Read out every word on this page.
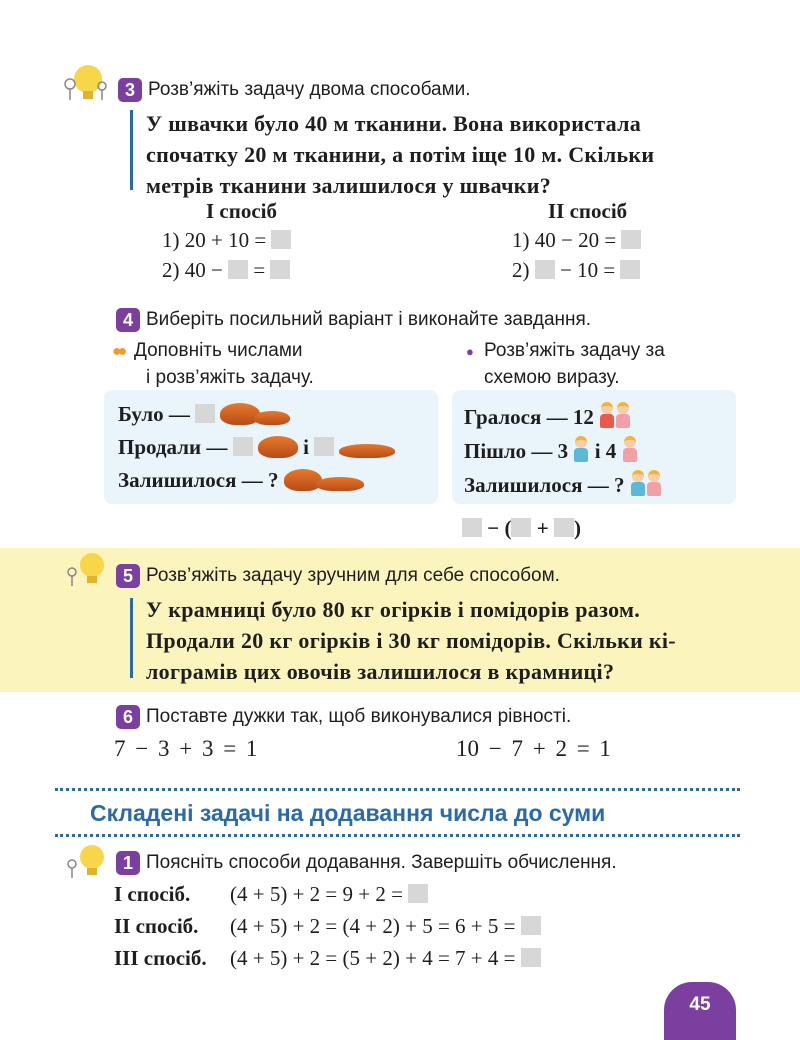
3 Розв’яжіть задачу двома способами.
У швачки було 40 м тканини. Вона використала
спочатку 20 м тканини, а потім іще 10 м. Скільки
метрів тканини залишилося у швачки?
І спосіб
1) 20 + 10 =
2) 40 − =
ІІ спосіб
1) 40 − 20 =
2) − 10 =
4 Виберіть посильний варіант і виконайте завдання.
●● Доповніть числами
і розв’яжіть задачу.
● Розв’яжіть задачу за
схемою виразу.
Було —
Продали —	і
Залишилося — ?
Гралося — 12
Пішло — 3 і 4
Залишилося — ?
− ( + )
5 Розв’яжіть задачу зручним для себе способом.
У крамниці було 80 кг огірків і помідорів разом.
Продали 20 кг огірків і 30 кг помідорів. Скільки кі-
лограмів цих овочів залишилося в крамниці?
6 Поставте дужки так, щоб виконувалися рівності.
7 − 3 + 3 = 1	10 − 7 + 2 = 1
Складені задачі на додавання числа до суми
1 Поясніть способи додавання. Завершіть обчислення.
І спосіб. (4 + 5) + 2 = 9 + 2 =
ІІ спосіб. (4 + 5) + 2 = (4 + 2) + 5 = 6 + 5 =
ІІІ спосіб. (4 + 5) + 2 = (5 + 2) + 4 = 7 + 4 =
45
